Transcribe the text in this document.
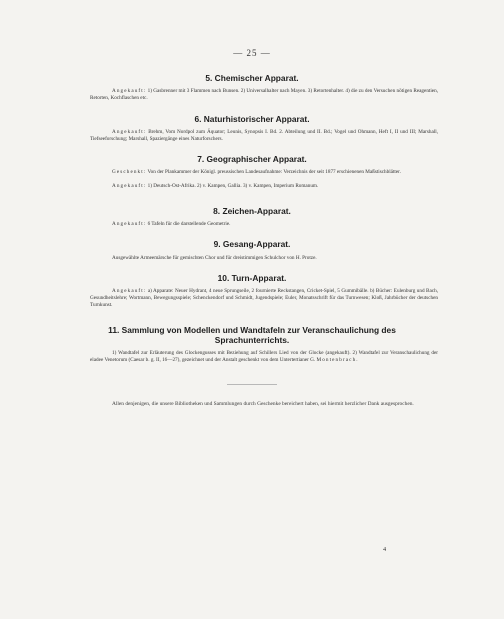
— 25 —
5. Chemischer Apparat.
Angekauft: 1) Gasbrenner mit 3 Flammen nach Bunsen. 2) Universalhalter nach Mayen. 3) Retortenhalter. 4) die zu den Versuchen nötigen Reagentien, Retorten, Kochflaschen etc.
6. Naturhistorischer Apparat.
Angekauft: Brehm, Vom Nordpol zum Äquator; Leunis, Synopsis I. Bd. 2. Abteilung und II. Bd.; Vogel und Ohmann, Heft I, II und III; Marshall, Tiefseeforschung; Marshall, Spaziergänge eines Naturforschers.
7. Geographischer Apparat.
Geschenkt: Von der Plankammer der Königl. preussischen Landesaufnahme: Verzeichnis der seit 1877 erschienenen Maßstischblätter.
Angekauft: 1) Deutsch-Ost-Afrika. 2) v. Kampen, Gallia. 3) v. Kampen, Imperium Romanum.
8. Zeichen-Apparat.
Angekauft: 6 Tafeln für die darstellende Geometrie.
9. Gesang-Apparat.
Ausgewählte Armeemärsche für gemischten Chor und für dreistimmigen Schulchor von H. Protze.
10. Turn-Apparat.
Angekauft: a) Apparate: Neuer Hydrant, 4 neue Sprungseile, 2 fournierte Reckstangen, Cricket-Spiel, 5 Gummibälle. b) Bücher: Eulenburg und Bach, Gesundheitslehre; Wortmann, Bewegungsspiele; Schenckendorf und Schmidt, Jugendspiele; Euler, Monatsschrift für das Turnwesen; Kloß, Jahrbücher der deutschen Turnkunst.
11. Sammlung von Modellen und Wandtafeln zur Veranschaulichung des
Sprachunterrichts.
1) Wandtafel zur Erläuterung des Glockengusses mit Beziehung auf Schillers Lied von der Glocke (angekauft). 2) Wandtafel zur Veranschaulichung der eladee Venetorum (Caesar b. g. II, 16—27), gezeichnet und der Anstalt geschenkt von dem Untertertianer G. Montenbrach.
Allen denjenigen, die unsere Bibliotheken und Sammlungen durch Geschenke bereichert haben, sei hiermit herzlicher Dank ausgesprochen.
4
